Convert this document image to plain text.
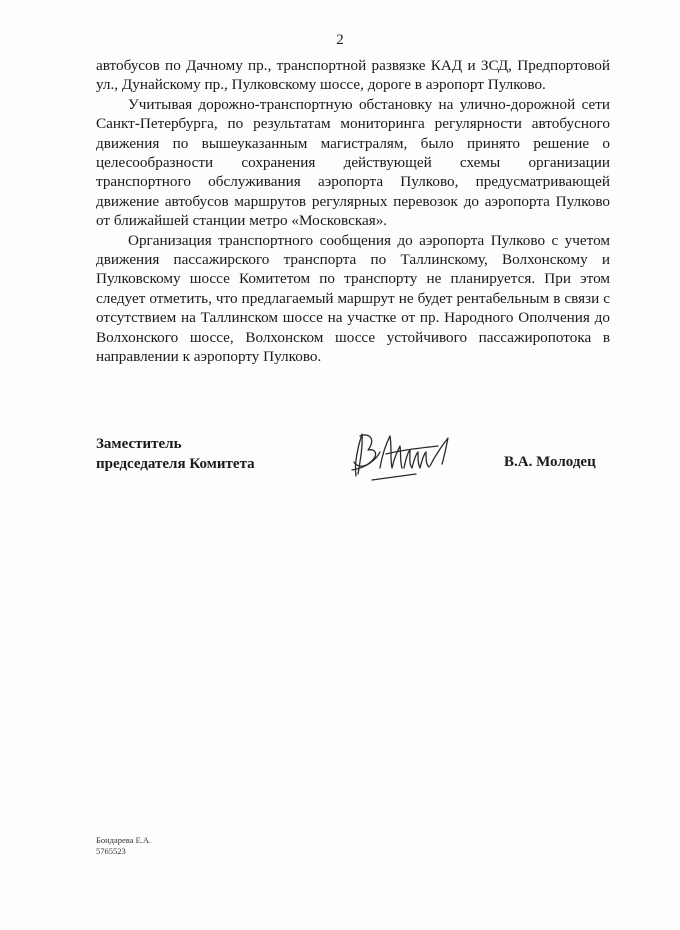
2

автобусов по Дачному пр., транспортной развязке КАД и ЗСД, Предпортовой ул., Дунайскому пр., Пулковскому шоссе, дороге в аэропорт Пулково.

Учитывая дорожно-транспортную обстановку на улично-дорожной сети Санкт-Петербурга, по результатам мониторинга регулярности автобусного движения по вышеуказанным магистралям, было принято решение о целесообразности сохранения действующей схемы организации транспортного обслуживания аэропорта Пулково, предусматривающей движение автобусов маршрутов регулярных перевозок до аэропорта Пулково от ближайшей станции метро «Московская».

Организация транспортного сообщения до аэропорта Пулково с учетом движения пассажирского транспорта по Таллинскому, Волхонскому и Пулковскому шоссе Комитетом по транспорту не планируется. При этом следует отметить, что предлагаемый маршрут не будет рентабельным в связи с отсутствием на Таллинском шоссе на участке от пр. Народного Ополчения до Волхонского шоссе, Волхонском шоссе устойчивого пассажиропотока в направлении к аэропорту Пулково.

Заместитель
председателя Комитета	В.А. Молодец
Бондарева Е.А.
5765523
